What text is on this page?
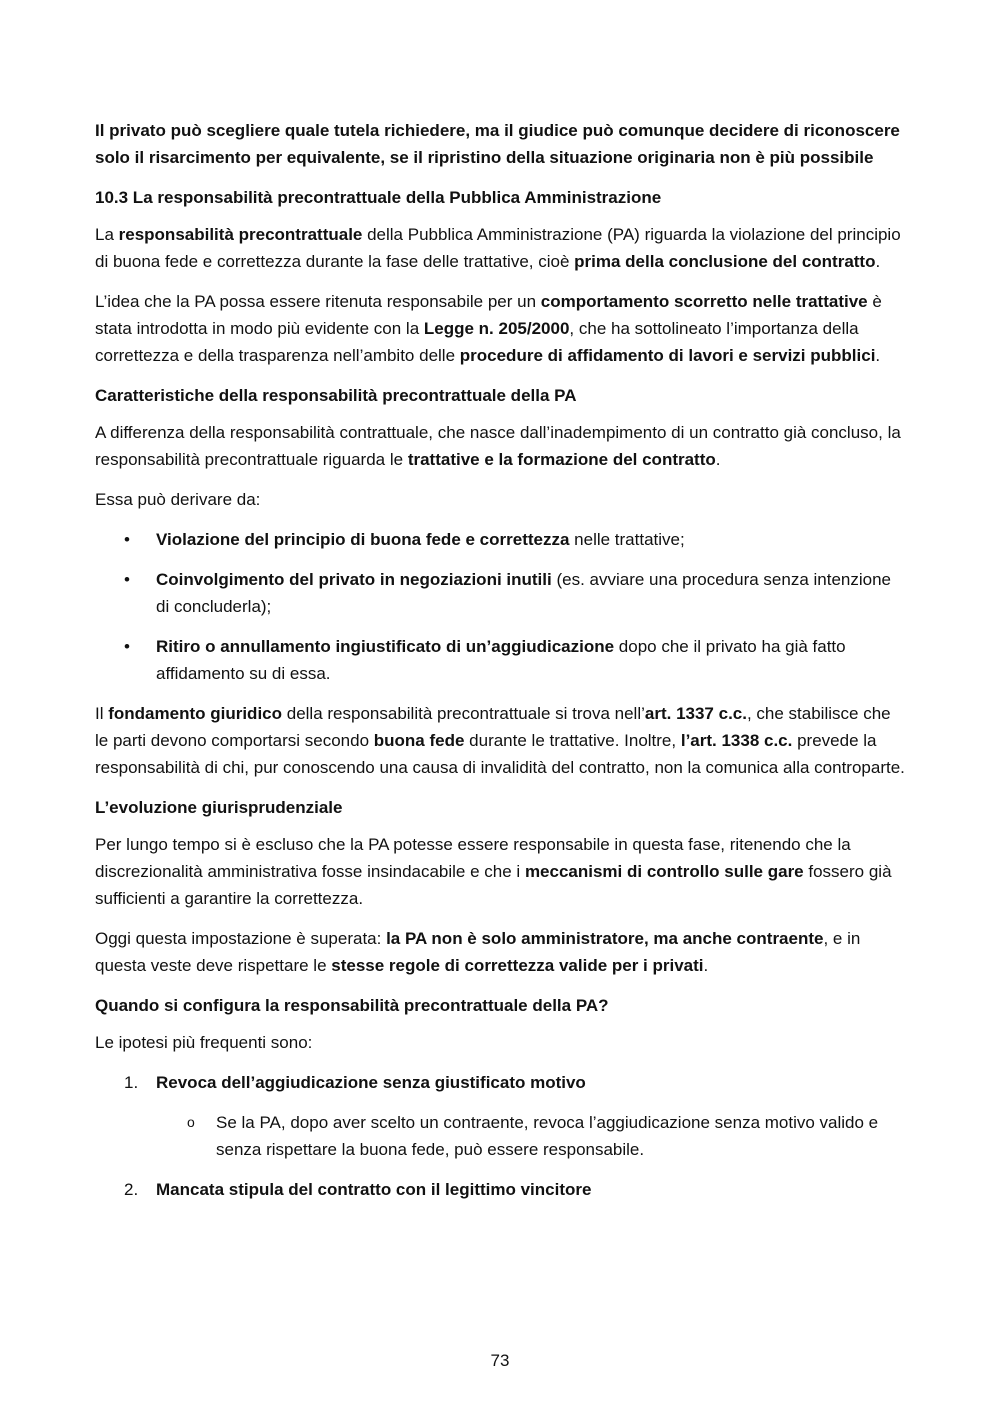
Il privato può scegliere quale tutela richiedere, ma il giudice può comunque decidere di riconoscere solo il risarcimento per equivalente, se il ripristino della situazione originaria non è più possibile

10.3 La responsabilità precontrattuale della Pubblica Amministrazione

La responsabilità precontrattuale della Pubblica Amministrazione (PA) riguarda la violazione del principio di buona fede e correttezza durante la fase delle trattative, cioè prima della conclusione del contratto.

L’idea che la PA possa essere ritenuta responsabile per un comportamento scorretto nelle trattative è stata introdotta in modo più evidente con la Legge n. 205/2000, che ha sottolineato l’importanza della correttezza e della trasparenza nell’ambito delle procedure di affidamento di lavori e servizi pubblici.

Caratteristiche della responsabilità precontrattuale della PA

A differenza della responsabilità contrattuale, che nasce dall’inadempimento di un contratto già concluso, la responsabilità precontrattuale riguarda le trattative e la formazione del contratto.

Essa può derivare da:

• Violazione del principio di buona fede e correttezza nelle trattative;
• Coinvolgimento del privato in negoziazioni inutili (es. avviare una procedura senza intenzione di concluderla);
• Ritiro o annullamento ingiustificato di un’aggiudicazione dopo che il privato ha già fatto affidamento su di essa.

Il fondamento giuridico della responsabilità precontrattuale si trova nell’art. 1337 c.c., che stabilisce che le parti devono comportarsi secondo buona fede durante le trattative. Inoltre, l’art. 1338 c.c. prevede la responsabilità di chi, pur conoscendo una causa di invalidità del contratto, non la comunica alla controparte.

L’evoluzione giurisprudenziale

Per lungo tempo si è escluso che la PA potesse essere responsabile in questa fase, ritenendo che la discrezionalità amministrativa fosse insindacabile e che i meccanismi di controllo sulle gare fossero già sufficienti a garantire la correttezza.

Oggi questa impostazione è superata: la PA non è solo amministratore, ma anche contraente, e in questa veste deve rispettare le stesse regole di correttezza valide per i privati.

Quando si configura la responsabilità precontrattuale della PA?

Le ipotesi più frequenti sono:

1. Revoca dell’aggiudicazione senza giustificato motivo
o Se la PA, dopo aver scelto un contraente, revoca l’aggiudicazione senza motivo valido e senza rispettare la buona fede, può essere responsabile.
2. Mancata stipula del contratto con il legittimo vincitore
73
